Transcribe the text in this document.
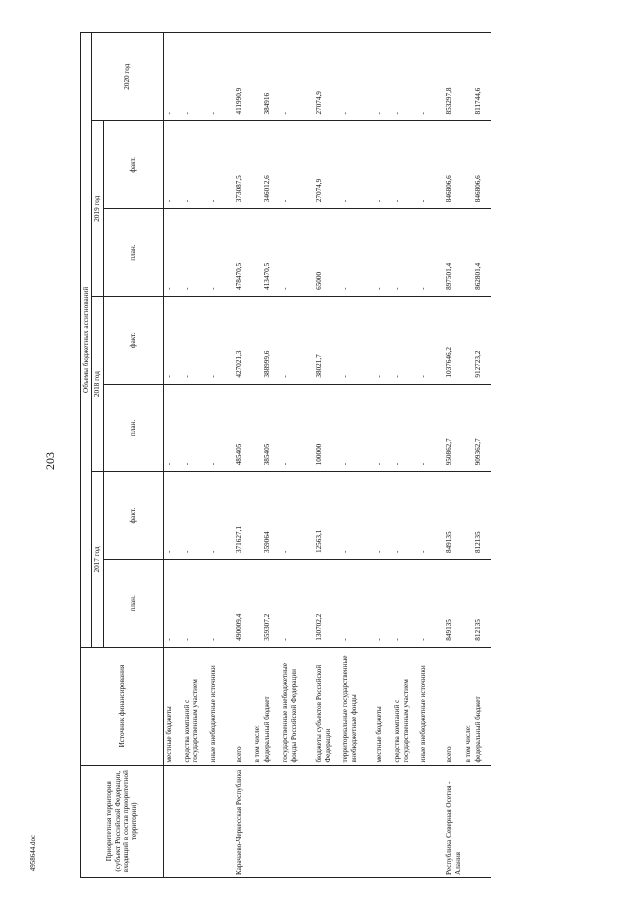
203
4958644.doc	Приоритетная территория (субъект Российской Федерации, входящий в состав приоритетной территории)	Источник финансирования	Объемы бюджетных ассигнований						
		2017 год		2018 год		2019 год		2020 год
		план.	факт.	план.	факт.	план.	факт.	
	местные бюджеты	-	-	-	-	-	-	-
	средства компаний с государственным участием	-	-	-	-	-	-	-
	иные внебюджетные источники	-	-	-	-	-	-	-
Карачаево-Черкесская Республика	всего	490009,4	371627,1	485405	427021,3	478470,5	373087,5	411990,9
	в том числе:							
	федеральный бюджет	359307,2	359064	385405	388999,6	413470,5	346012,6	384916
	государственные внебюджетные фонды Российской Федерации	-	-	-	-	-	-	-
	бюджеты субъектов Российской Федерации	130702,2	12563,1	100000	38021,7	65000	27074,9	27074,9
	территориальные государственные внебюджетные фонды	-	-	-	-	-	-	-
	местные бюджеты	-	-	-	-	-	-	-
	средства компаний с государственным участием	-	-	-	-	-	-	-
	иные внебюджетные источники	-	-	-	-	-	-	-
Республика Северная Осетия - Алания	всего	849135	849135	950862,7	1037646,2	897501,4	846806,6	853297,8
	в том числе:							
	федеральный бюджет	812135	812135	909362,7	912723,2	862801,4	846806,6	811744,6
